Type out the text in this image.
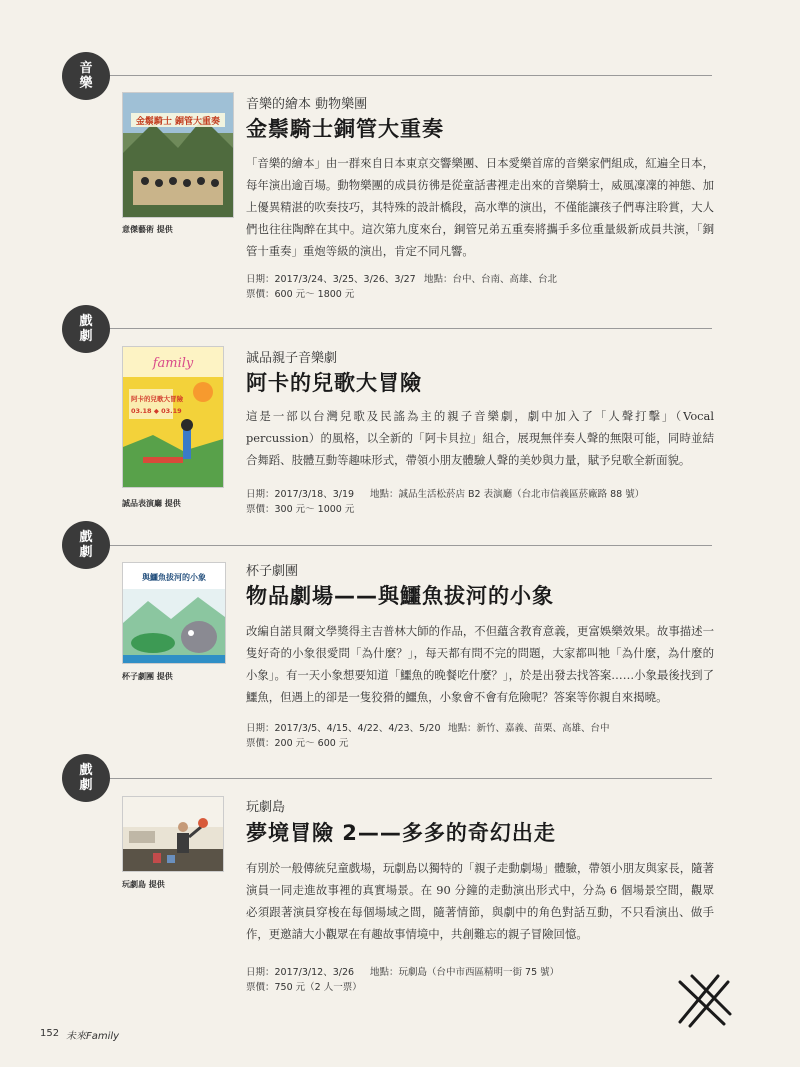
音
樂
金鬃騎士 銅管大重奏
意傑藝術 提供
音樂的繪本 動物樂團
金鬃騎士銅管大重奏
「音樂的繪本」由一群來自日本東京交響樂團、日本愛樂首席的音樂家們組成，紅遍全日本，每年演出逾百場。動物樂團的成員彷彿是從童話書裡走出來的音樂騎士，威風凜凜的神態、加上優異精湛的吹奏技巧，其特殊的設計橋段，高水準的演出，不僅能讓孩子們專注聆賞，大人們也往往陶醉在其中。這次第九度來台，銅管兄弟五重奏將攜手多位重量級新成員共演，「銅管十重奏」重炮等級的演出，肯定不同凡響。
日期：2017/3/24、3/25、3/26、3/27 地點：台中、台南、高雄、台北
票價：600 元～ 1800 元
戲
劇
family
阿卡的兒歌大冒險
03.18 ◆ 03.19
誠品表演廳 提供
誠品親子音樂劇
阿卡的兒歌大冒險
這是一部以台灣兒歌及民謠為主的親子音樂劇，劇中加入了「人聲打擊」（Vocal percussion）的風格，以全新的「阿卡貝拉」組合，展現無伴奏人聲的無限可能，同時並結合舞蹈、肢體互動等趣味形式，帶領小朋友體驗人聲的美妙與力量，賦予兒歌全新面貌。
日期：2017/3/18、3/19 地點：誠品生活松菸店 B2 表演廳（台北市信義區菸廠路 88 號）
票價：300 元～ 1000 元
戲
劇
與鱷魚拔河的小象
杯子劇團 提供
杯子劇團
物品劇場——與鱷魚拔河的小象
改編自諾貝爾文學獎得主吉普林大師的作品，不但蘊含教育意義，更富娛樂效果。故事描述一隻好奇的小象很愛問「為什麼？」，每天都有問不完的問題，大家都叫牠「為什麼，為什麼的小象」。有一天小象想要知道「鱷魚的晚餐吃什麼？」，於是出發去找答案……小象最後找到了鱷魚，但遇上的卻是一隻狡猾的鱷魚，小象會不會有危險呢？答案等你親自來揭曉。
日期：2017/3/5、4/15、4/22、4/23、5/20 地點：新竹、嘉義、苗栗、高雄、台中
票價：200 元～ 600 元
戲
劇
玩劇島 提供
玩劇島
夢境冒險 2——多多的奇幻出走
有別於一般傳統兒童戲場，玩劇島以獨特的「親子走動劇場」體驗，帶領小朋友與家長，隨著演員一同走進故事裡的真實場景。在 90 分鐘的走動演出形式中，分為 6 個場景空間，觀眾必須跟著演員穿梭在每個場域之間，隨著情節，與劇中的角色對話互動，不只看演出、做手作，更邀請大小觀眾在有趣故事情境中，共創難忘的親子冒險回憶。
日期：2017/3/12、3/26	地點：玩劇島（台中市西區精明一街 75 號）
票價：750 元（2 人一票）
152 未來Family
